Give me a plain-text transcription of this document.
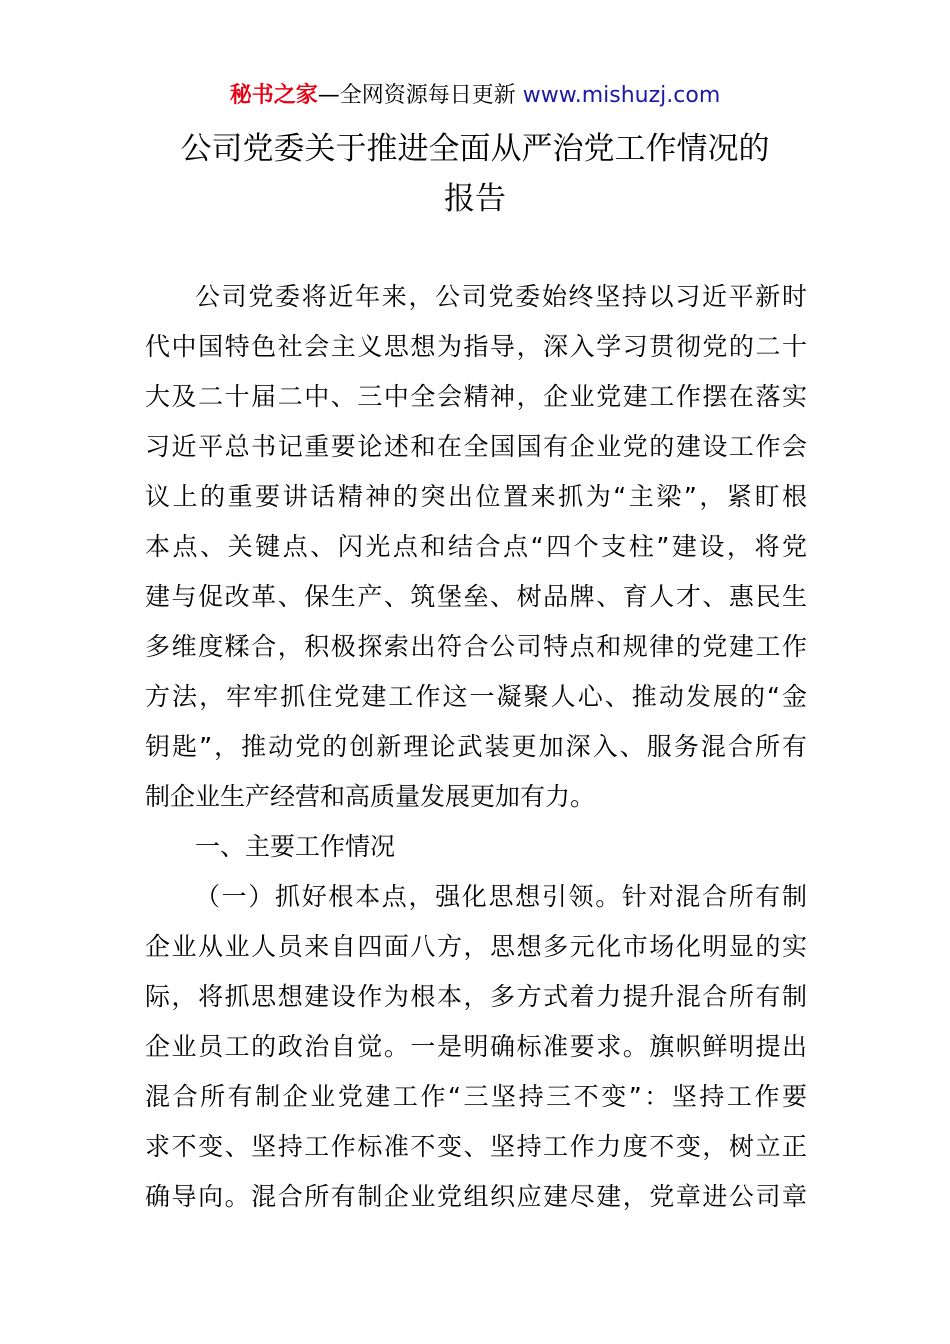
秘书之家—全网资源每日更新 www.mishuzj.com
公司党委关于推进全面从严治党工作情况的
报告
公司党委将近年来，公司党委始终坚持以习近平新时
代中国特色社会主义思想为指导，深入学习贯彻党的二十
大及二十届二中、三中全会精神，企业党建工作摆在落实
习近平总书记重要论述和在全国国有企业党的建设工作会
议上的重要讲话精神的突出位置来抓为“主梁”，紧盯根
本点、关键点、闪光点和结合点“四个支柱”建设，将党
建与促改革、保生产、筑堡垒、树品牌、育人才、惠民生
多维度糅合，积极探索出符合公司特点和规律的党建工作
方法，牢牢抓住党建工作这一凝聚人心、推动发展的“金
钥匙”，推动党的创新理论武装更加深入、服务混合所有
制企业生产经营和高质量发展更加有力。
一、主要工作情况
（一）抓好根本点，强化思想引领。针对混合所有制
企业从业人员来自四面八方，思想多元化市场化明显的实
际，将抓思想建设作为根本，多方式着力提升混合所有制
企业员工的政治自觉。一是明确标准要求。旗帜鲜明提出
混合所有制企业党建工作“三坚持三不变”：坚持工作要
求不变、坚持工作标准不变、坚持工作力度不变，树立正
确导向。混合所有制企业党组织应建尽建，党章进公司章
